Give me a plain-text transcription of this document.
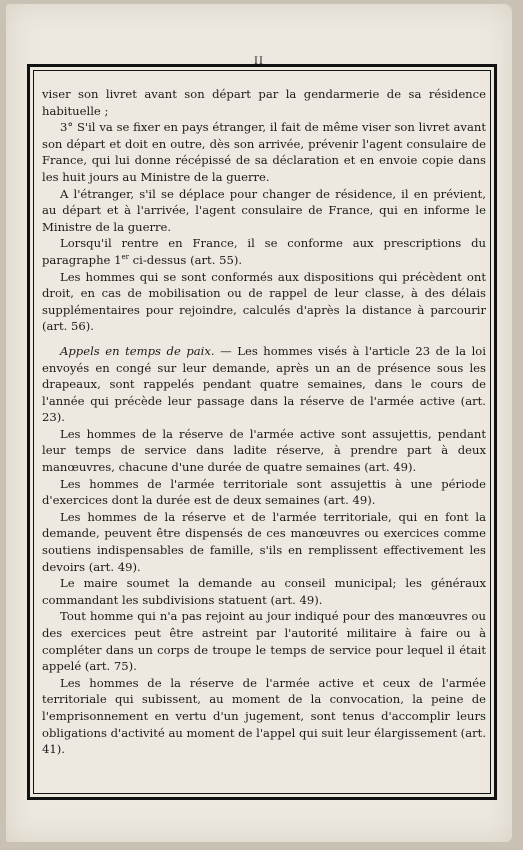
II

viser son livret avant son départ par la gendarmerie de sa résidence habituelle ;

3° S'il va se fixer en pays étranger, il fait de même viser son livret avant son départ et doit en outre, dès son arrivée, prévenir l'agent consulaire de France, qui lui donne récépissé de sa déclaration et en envoie copie dans les huit jours au Ministre de la guerre.

A l'étranger, s'il se déplace pour changer de résidence, il en prévient, au départ et à l'arrivée, l'agent consulaire de France, qui en informe le Ministre de la guerre.

Lorsqu'il rentre en France, il se conforme aux prescriptions du paragraphe 1er ci-dessus (art. 55).

Les hommes qui se sont conformés aux dispositions qui précèdent ont droit, en cas de mobilisation ou de rappel de leur classe, à des délais supplémentaires pour rejoindre, calculés d'après la distance à parcourir (art. 56).

Appels en temps de paix. — Les hommes visés à l'article 23 de la loi envoyés en congé sur leur demande, après un an de présence sous les drapeaux, sont rappelés pendant quatre semaines, dans le cours de l'année qui précède leur passage dans la réserve de l'armée active (art. 23).

Les hommes de la réserve de l'armée active sont assujettis, pendant leur temps de service dans ladite réserve, à prendre part à deux manœuvres, chacune d'une durée de quatre semaines (art. 49).

Les hommes de l'armée territoriale sont assujettis à une période d'exercices dont la durée est de deux semaines (art. 49).

Les hommes de la réserve et de l'armée territoriale, qui en font la demande, peuvent être dispensés de ces manœuvres ou exercices comme soutiens indispensables de famille, s'ils en remplissent effectivement les devoirs (art. 49).

Le maire soumet la demande au conseil municipal; les généraux commandant les subdivisions statuent (art. 49).

Tout homme qui n'a pas rejoint au jour indiqué pour des manœuvres ou des exercices peut être astreint par l'autorité militaire à faire ou à compléter dans un corps de troupe le temps de service pour lequel il était appelé (art. 75).

Les hommes de la réserve de l'armée active et ceux de l'armée territoriale qui subissent, au moment de la convocation, la peine de l'emprisonnement en vertu d'un jugement, sont tenus d'accomplir leurs obligations d'activité au moment de l'appel qui suit leur élargissement (art. 41).
